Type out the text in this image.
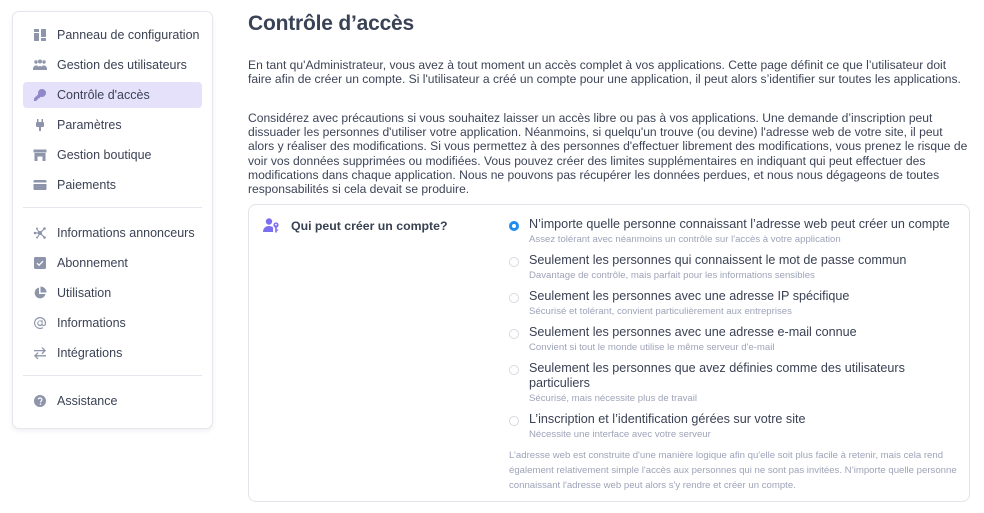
Panneau de configuration
Gestion des utilisateurs
Contrôle d'accès
Paramètres
Gestion boutique
Paiements
Informations annonceurs
Abonnement
Utilisation
Informations
Intégrations
Assistance
Contrôle d’accès

En tant qu'Administrateur, vous avez à tout moment un accès complet à vos applications. Cette page définit ce que l’utilisateur doit faire afin de créer un compte. Si l'utilisateur a créé un compte pour une application, il peut alors s’identifier sur toutes les applications.

Considérez avec précautions si vous souhaitez laisser un accès libre ou pas à vos applications. Une demande d’inscription peut dissuader les personnes d'utiliser votre application. Néanmoins, si quelqu'un trouve (ou devine) l'adresse web de votre site, il peut alors y réaliser des modifications. Si vous permettez à des personnes d'effectuer librement des modifications, vous prenez le risque de voir vos données supprimées ou modifiées. Vous pouvez créer des limites supplémentaires en indiquant qui peut effectuer des modifications dans chaque application. Nous ne pouvons pas récupérer les données perdues, et nous nous dégageons de toutes responsabilités si cela devait se produire.

Qui peut créer un compte?	N’importe quelle personne connaissant l’adresse web peut créer un compte
Assez tolérant avec néanmoins un contrôle sur l'accès à votre application
Seulement les personnes qui connaissent le mot de passe commun
Davantage de contrôle, mais parfait pour les informations sensibles
Seulement les personnes avec une adresse IP spécifique
Sécurisé et tolérant, convient particulièrement aux entreprises
Seulement les personnes avec une adresse e-mail connue
Convient si tout le monde utilise le même serveur d'e-mail
Seulement les personnes que avez définies comme des utilisateurs particuliers
Sécurisé, mais nécessite plus de travail
L’inscription et l’identification gérées sur votre site
Nécessite une interface avec votre serveur

L’adresse web est construite d'une manière logique afin qu'elle soit plus facile à retenir, mais cela rend également relativement simple l'accès aux personnes qui ne sont pas invitées. N’importe quelle personne connaissant l'adresse web peut alors s'y rendre et créer un compte.
